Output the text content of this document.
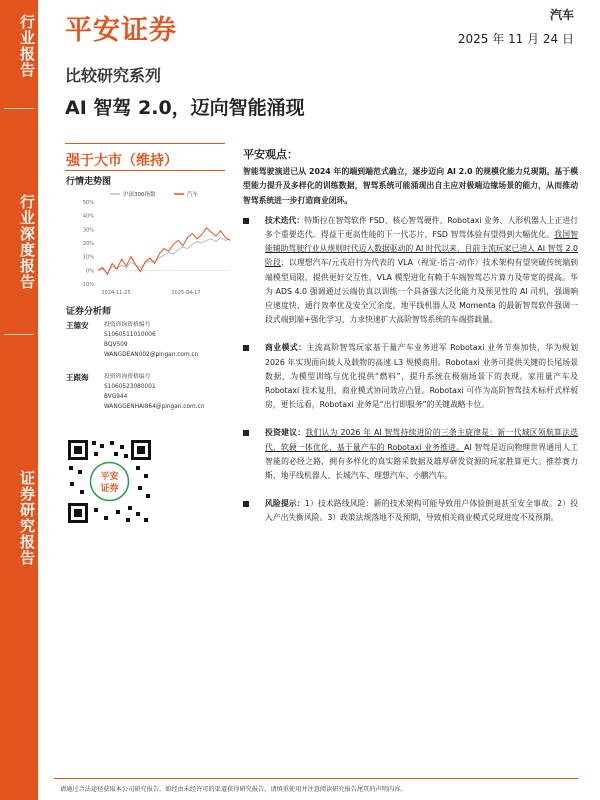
行业报告
行业深度报告
证券研究报告
平安证券	汽车
2025 年 11 月 24 日
比较研究系列
AI 智驾 2.0，迈向智能涌现
强于大市（维持）
行情走势图
50%
40%
30%
20%
10%
0%
-10%
2024-11-25	2025-04-17
沪深300指数	汽车
证券分析师
王德安	投资咨询资格编号
S1060511010006
BQV509
WANGDEAN002@pingan.com.cn
王跟海	投资咨询资格编号
S1060523080001
BVG944
WANGGENHAI864@pingan.com.cn
平安
证券
平安观点：
智能驾驶演进已从 2024 年的端到端范式确立，逐步迈向 AI 2.0 的规模化能力兑现期。基于模型能力提升及多样化的训练数据，智驾系统可能涌现出自主应对极端边缘场景的能力，从而推动智驾系统进一步打造商业闭环。
技术迭代：特斯拉在智驾软件 FSD、核心智驾硬件、Robotaxi 业务、人形机器人上正进行多个重要迭代。得益于更高性能的下一代芯片，FSD 智驾体验有望得到大幅优化。我国智能辅助驾驶行业从规则时代迈入数据驱动的 AI 时代以来，目前主流玩家已进入 AI 智驾 2.0 阶段；以理想汽车/元戎启行为代表的 VLA（视觉-语言-动作）技术架构有望突破传统端到端模型局限，提供更好交互性，VLA 模型进化有赖于车端智驾芯片算力及带宽的提高。华为 ADS 4.0 强调通过云端仿真以训练一个具备强大泛化能力及预见性的 AI 司机，强调响应速度快、通行效率优及安全冗余度。地平线机器人及 Momenta 的最新智驾软件强调一段式端到端+强化学习，力求快速扩大高阶智驾系统的车端搭载量。
商业模式：主流高阶智驾玩家基于量产车业务进军 Robotaxi 业务节奏加快，华为规划 2026 年实现面向载人及载物的高速 L3 规模商用。Robotaxi 业务可提供关键的长尾场景数据，为模型训练与优化提供“燃料”，提升系统在极端场景下的表现。家用量产车及 Robotaxi 技术复用，商业模式协同效应凸显。Robotaxi 可作为高阶智驾技术标杆式样板房，更长远看，Robotaxi 业务是“出行即服务”的关键战略卡位。
投资建议：我们认为 2026 年 AI 智驾持续进阶的三条主旋律是：新一代城区领航算法迭代、软硬一体优化、基于量产车的 Robotaxi 业务推进。AI 智驾是迈向物理世界通用人工智能的必经之路，拥有多样化的真实路采数据及雄厚研发资源的玩家胜算更大。推荐赛力斯、地平线机器人、长城汽车、理想汽车、小鹏汽车。
风险提示：1）技术路线风险：新的技术架构可能导致用户体验倒退甚至安全事故。2）投入产出失衡风险。3）政策法规落地不及预期，导致相关商业模式兑现进度不及预期。
请通过合法途径获取本公司研究报告，如经由未经许可的渠道获得研究报告，请慎重使用并注意阅读研究报告尾页的声明内容。
